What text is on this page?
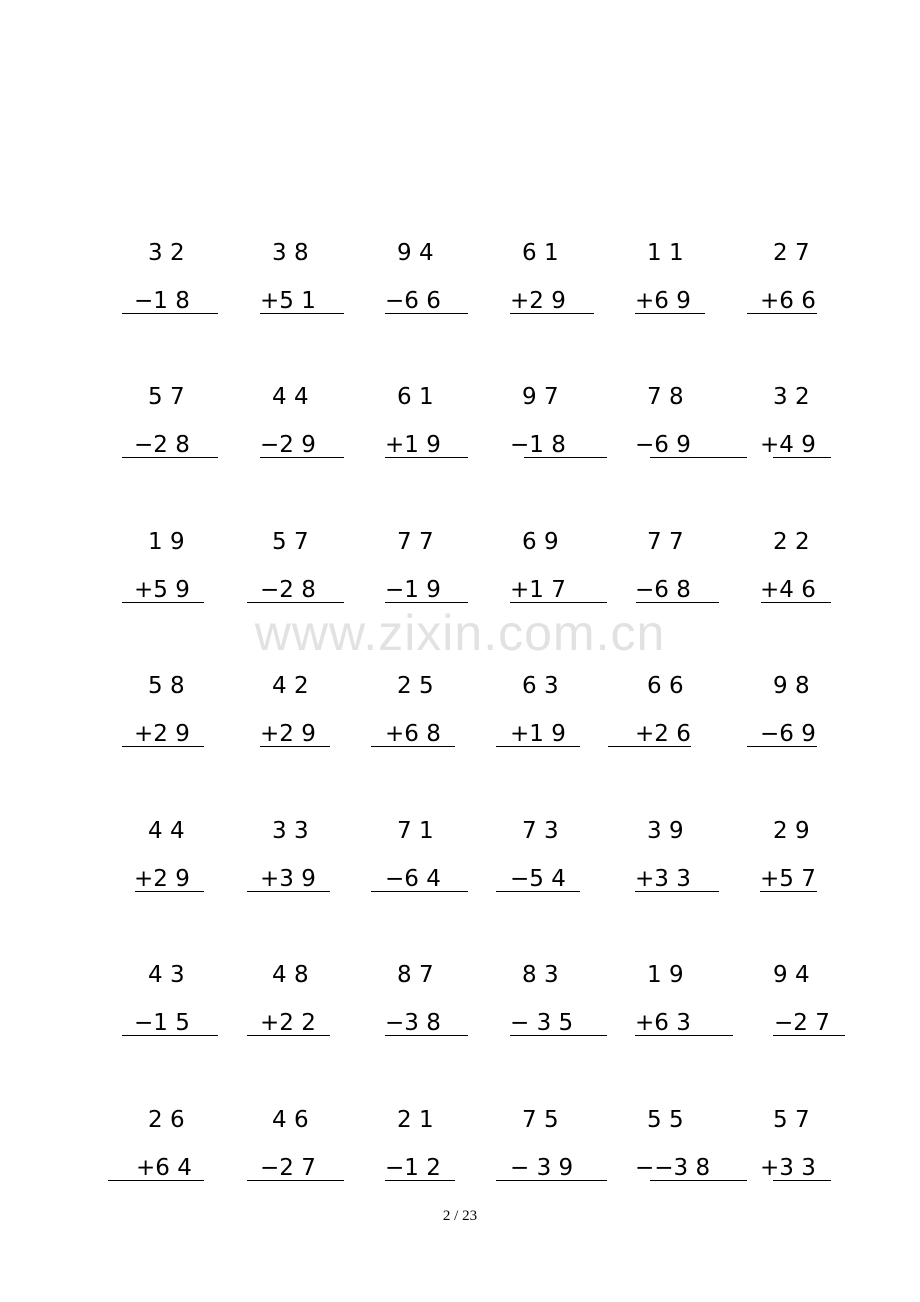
3 2
−1 8
3 8
+5 1
9 4
−6 6
6 1
+2 9
1 1
+6 9
2 7
+6 6
5 7
−2 8
4 4
−2 9
6 1
+1 9
9 7
−1 8
7 8
−6 9
3 2
+4 9
1 9
+5 9
5 7
−2 8
7 7
−1 9
6 9
+1 7
7 7
−6 8
2 2
+4 6
5 8
+2 9
4 2
+2 9
2 5
+6 8
6 3
+1 9
6 6
+2 6
9 8
−6 9
4 4
+2 9
3 3
+3 9
7 1
−6 4
7 3
−5 4
3 9
+3 3
2 9
+5 7
4 3
−1 5
4 8
+2 2
8 7
−3 8
8 3
− 3 5
1 9
+6 3
9 4
−2 7
2 6
+6 4
4 6
−2 7
2 1
−1 2
7 5
− 3 9
5 5
−−3 8
5 7
+3 3
www.zixin.com.cn
2 / 23
